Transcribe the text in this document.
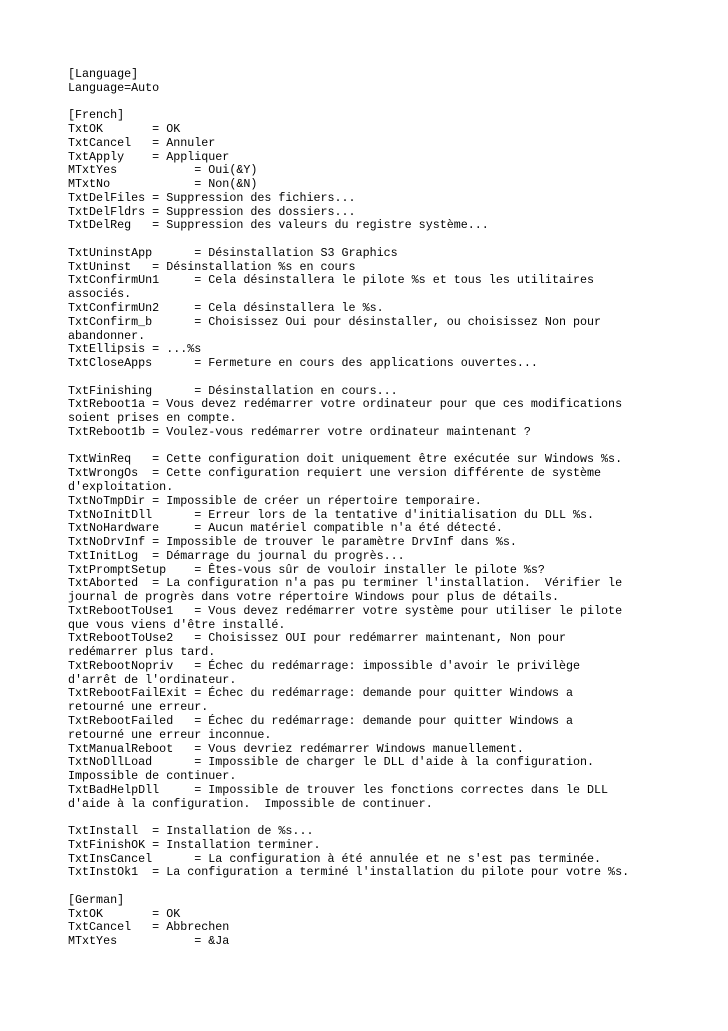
[Language]
Language=Auto
[French]
TxtOK       = OK
TxtCancel   = Annuler
TxtApply    = Appliquer
MTxtYes           = Oui(&Y)
MTxtNo            = Non(&N)
TxtDelFiles = Suppression des fichiers...
TxtDelFldrs = Suppression des dossiers...
TxtDelReg   = Suppression des valeurs du registre système...
TxtUninstApp      = Désinstallation S3 Graphics
TxtUninst   = Désinstallation %s en cours
TxtConfirmUn1     = Cela désinstallera le pilote %s et tous les utilitaires
associés.
TxtConfirmUn2     = Cela désinstallera le %s.
TxtConfirm_b      = Choisissez Oui pour désinstaller, ou choisissez Non pour
abandonner.
TxtEllipsis = ...%s
TxtCloseApps      = Fermeture en cours des applications ouvertes...
TxtFinishing      = Désinstallation en cours...
TxtReboot1a = Vous devez redémarrer votre ordinateur pour que ces modifications
soient prises en compte.
TxtReboot1b = Voulez-vous redémarrer votre ordinateur maintenant ?
TxtWinReq   = Cette configuration doit uniquement être exécutée sur Windows %s.
TxtWrongOs  = Cette configuration requiert une version différente de système
d'exploitation.
TxtNoTmpDir = Impossible de créer un répertoire temporaire.
TxtNoInitDll      = Erreur lors de la tentative d'initialisation du DLL %s.
TxtNoHardware     = Aucun matériel compatible n'a été détecté.
TxtNoDrvInf = Impossible de trouver le paramètre DrvInf dans %s.
TxtInitLog  = Démarrage du journal du progrès...
TxtPromptSetup    = Êtes-vous sûr de vouloir installer le pilote %s?
TxtAborted  = La configuration n'a pas pu terminer l'installation.  Vérifier le
journal de progrès dans votre répertoire Windows pour plus de détails.
TxtRebootToUse1   = Vous devez redémarrer votre système pour utiliser le pilote
que vous viens d'être installé.
TxtRebootToUse2   = Choisissez OUI pour redémarrer maintenant, Non pour
redémarrer plus tard.
TxtRebootNopriv   = Échec du redémarrage: impossible d'avoir le privilège
d'arrêt de l'ordinateur.
TxtRebootFailExit = Échec du redémarrage: demande pour quitter Windows a
retourné une erreur.
TxtRebootFailed   = Échec du redémarrage: demande pour quitter Windows a
retourné une erreur inconnue.
TxtManualReboot   = Vous devriez redémarrer Windows manuellement.
TxtNoDllLoad      = Impossible de charger le DLL d'aide à la configuration.
Impossible de continuer.
TxtBadHelpDll     = Impossible de trouver les fonctions correctes dans le DLL
d'aide à la configuration.  Impossible de continuer.
TxtInstall  = Installation de %s...
TxtFinishOK = Installation terminer.
TxtInsCancel      = La configuration à été annulée et ne s'est pas terminée.
TxtInstOk1  = La configuration a terminé l'installation du pilote pour votre %s.
[German]
TxtOK       = OK
TxtCancel   = Abbrechen
MTxtYes           = &Ja
